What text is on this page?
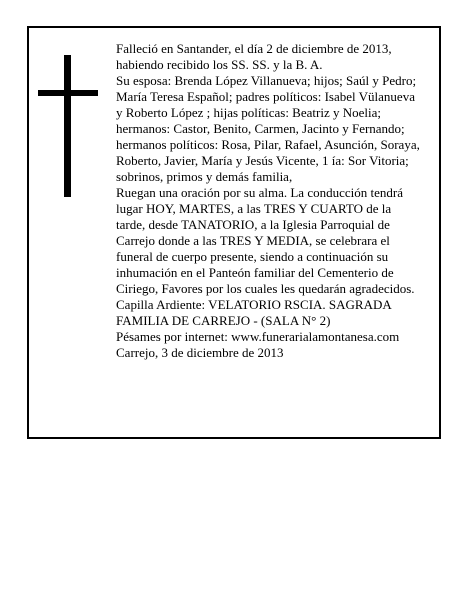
Falleció en Santander, el día 2 de diciembre de 2013, habiendo recibido los SS. SS. y la B. A.

Su esposa: Brenda López Villanueva; hijos; Saúl y Pedro; María Teresa Español; padres políticos: Isabel Vülanueva y Roberto López ; hijas políticas: Beatriz y Noelia; hermanos: Castor, Benito, Carmen, Jacinto y Fernando; hermanos políticos: Rosa, Pilar, Rafael, Asunción, Soraya, Roberto, Javier, María y Jesús Vicente, 1 ía: Sor Vitoria; sobrinos, primos y demás familia,

Ruegan una oración por su alma. La conducción tendrá lugar HOY, MARTES, a las TRES Y CUARTO de la tarde, desde TANATORIO, a la Iglesia Parroquial de Carrejo donde a las TRES Y MEDIA, se celebrara el funeral de cuerpo presente, siendo a continuación su inhumación en el Panteón familiar del Cementerio de Ciriego, Favores por los cuales les quedarán agradecidos. Capilla Ardiente: VELATORIO RSCIA. SAGRADA FAMILIA DE CARREJO - (SALA N° 2)

Pésames por internet: www.funerarialamontanesa.com

Carrejo, 3 de diciembre de 2013
